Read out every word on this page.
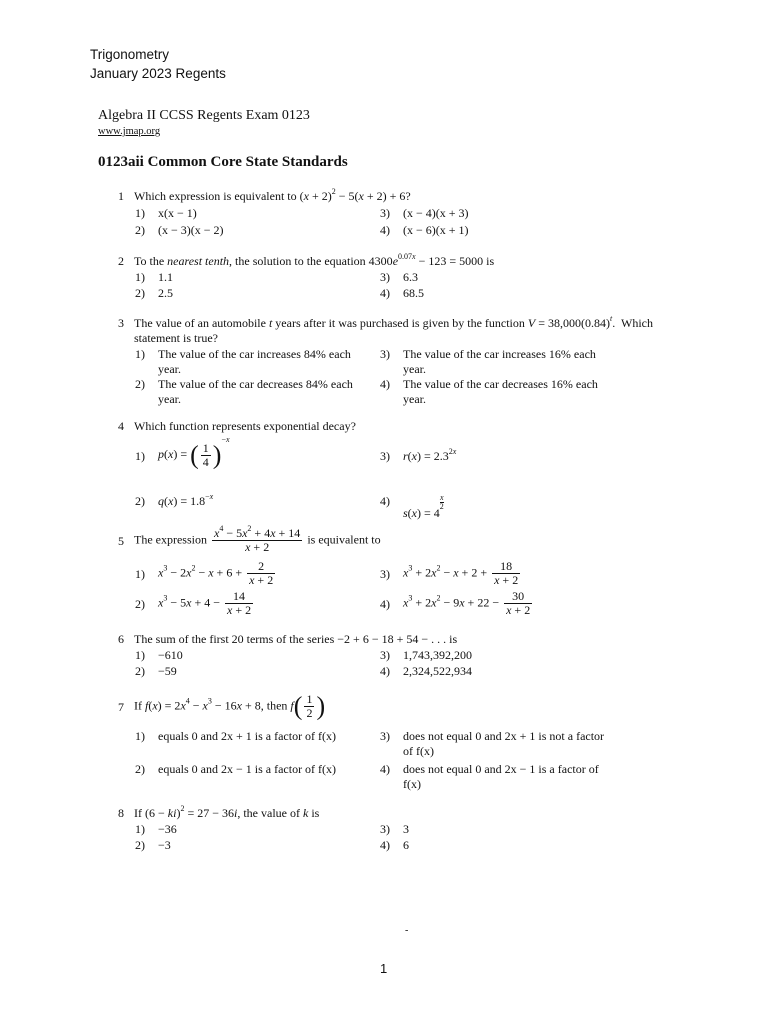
Trigonometry
January 2023 Regents
Algebra II CCSS Regents Exam 0123
www.jmap.org
0123aii Common Core State Standards
1 Which expression is equivalent to $(x + 2)^2 - 5(x + 2) + 6$?
1) x(x − 1)
2) (x − 3)(x − 2)
3) (x − 4)(x + 3)
4) (x − 6)(x + 1)
2 To the nearest tenth, the solution to the equation $4300e^{0.07x} - 123 = 5000$ is
1) 1.1
2) 2.5
3) 6.3
4) 68.5
3 The value of an automobile t years after it was purchased is given by the function $V = 38,000(0.84)^t$.  Which statement is true?
1) The value of the car increases 84% each year.
2) The value of the car decreases 84% each year.
3) The value of the car increases 16% each year.
4) The value of the car decreases 16% each year.
4 Which function represents exponential decay?
1) p(x) = ( $\frac{1}{4} )^{-x}$
2) $q(x) = 1.8^{-x}$
3) $r(x) = 2.3^{2x}$
4)
$s(x) = 4\frac{x}{2}$
5 The expression $\frac{x^4 - 5x^2 + 4x + 14}{x + 2}$ is equivalent to
1) $x^3 - 2x^2 - x + 6 + \frac{2}{x + 2}$
2) $x^3 - 5x + 4 - \frac{14}{x + 2}$
3) $x^3 + 2x^2 - x + 2 + \frac{18}{x + 2}$
4) $x^3 + 2x^2 - 9x + 22 - \frac{30}{x + 2}$
6 The sum of the first 20 terms of the series −2 + 6 − 18 + 54 − . . . is
1) −610
2) −59
3) 1,743,392,200
4) 2,324,522,934
7 If $f(x) = 2x^4 - x^3 - 16x + 8$, then $f( \frac{1}{2}$ )
1) equals 0 and 2x + 1 is a factor of f(x)
2) equals 0 and 2x − 1 is a factor of f(x)
3) does not equal 0 and 2x + 1 is not a factor of f(x)
4) does not equal 0 and 2x − 1 is a factor of f(x)
8 If (6 − ki)$^2$ = 27 − 36i, the value of k is
1) −36
2) −3
3) 3
4) 6
-
1
